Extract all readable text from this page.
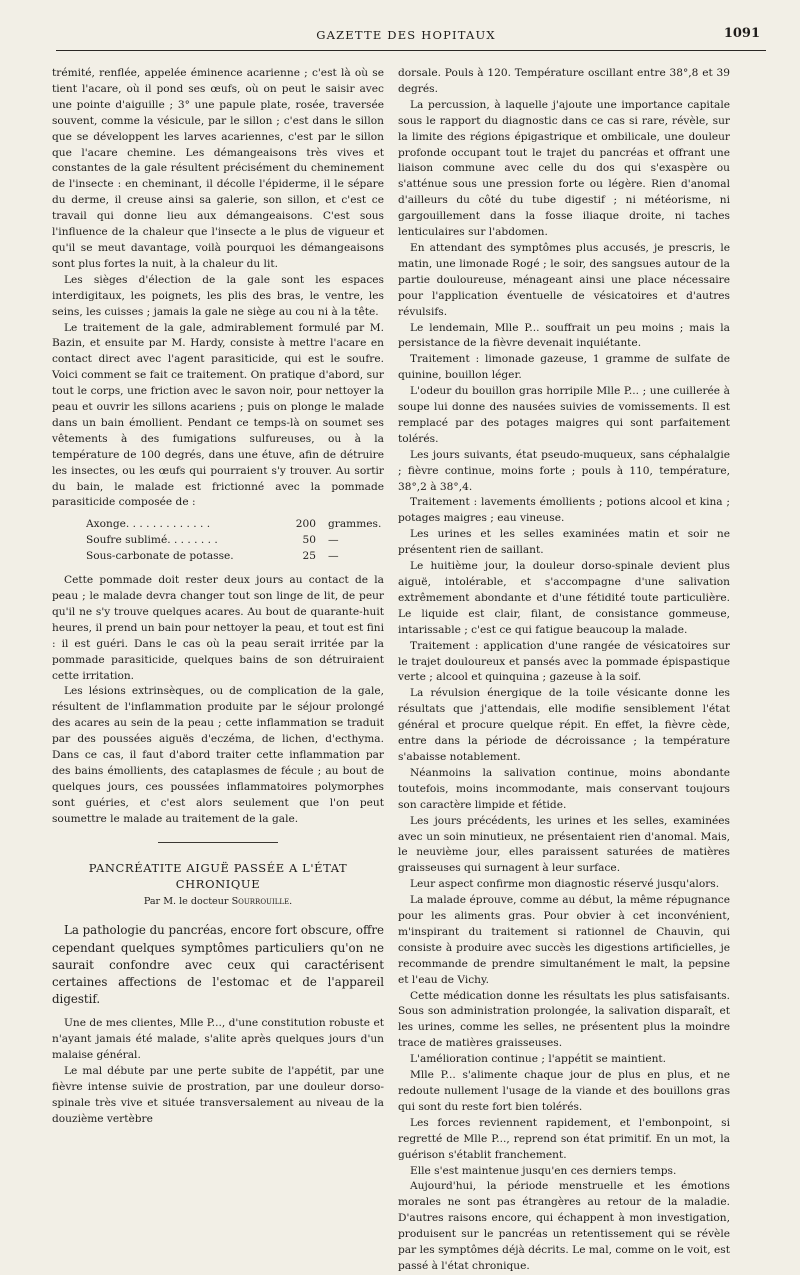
GAZETTE DES HOPITAUX	1091

trémité, renflée, appelée éminence acarienne ; c'est là où se tient l'acare, où il pond ses œufs, où on peut le saisir avec une pointe d'aiguille ; 3° une papule plate, rosée, traversée souvent, comme la vésicule, par le sillon ; c'est dans le sillon que se développent les larves acariennes, c'est par le sillon que l'acare chemine. Les démangeaisons très vives et constantes de la gale résultent précisément du cheminement de l'insecte : en cheminant, il décolle l'épiderme, il le sépare du derme, il creuse ainsi sa galerie, son sillon, et c'est ce travail qui donne lieu aux démangeaisons. C'est sous l'influence de la chaleur que l'insecte a le plus de vigueur et qu'il se meut davantage, voilà pourquoi les démangeaisons sont plus fortes la nuit, à la chaleur du lit.

Les sièges d'élection de la gale sont les espaces interdigitaux, les poignets, les plis des bras, le ventre, les seins, les cuisses ; jamais la gale ne siège au cou ni à la tête.

Le traitement de la gale, admirablement formulé par M. Bazin, et ensuite par M. Hardy, consiste à mettre l'acare en contact direct avec l'agent parasiticide, qui est le soufre. Voici comment se fait ce traitement. On pratique d'abord, sur tout le corps, une friction avec le savon noir, pour nettoyer la peau et ouvrir les sillons acariens ; puis on plonge le malade dans un bain émollient. Pendant ce temps-là on soumet ses vêtements à des fumigations sulfureuses, ou à la température de 100 degrés, dans une étuve, afin de détruire les insectes, ou les œufs qui pourraient s'y trouver. Au sortir du bain, le malade est frictionné avec la pommade parasiticide composée de :

Axonge. . . . . . . . . . . . .	200 grammes.
Soufre sublimé. . . . . . . .	50 —
Sous-carbonate de potasse.	25 —

Cette pommade doit rester deux jours au contact de la peau ; le malade devra changer tout son linge de lit, de peur qu'il ne s'y trouve quelques acares. Au bout de quarante-huit heures, il prend un bain pour nettoyer la peau, et tout est fini : il est guéri. Dans le cas où la peau serait irritée par la pommade parasiticide, quelques bains de son détruiraient cette irritation.

Les lésions extrinsèques, ou de complication de la gale, résultent de l'inflammation produite par le séjour prolongé des acares au sein de la peau ; cette inflammation se traduit par des poussées aiguës d'eczéma, de lichen, d'ecthyma. Dans ce cas, il faut d'abord traiter cette inflammation par des bains émollients, des cataplasmes de fécule ; au bout de quelques jours, ces poussées inflammatoires polymorphes sont guéries, et c'est alors seulement que l'on peut soumettre le malade au traitement de la gale.

PANCRÉATITE AIGUË PASSÉE A L'ÉTAT CHRONIQUE
Par M. le docteur Sourrouille.

La pathologie du pancréas, encore fort obscure, offre cependant quelques symptômes particuliers qu'on ne saurait confondre avec ceux qui caractérisent certaines affections de l'estomac et de l'appareil digestif.

Une de mes clientes, Mlle P..., d'une constitution robuste et n'ayant jamais été malade, s'alite après quelques jours d'un malaise général.

Le mal débute par une perte subite de l'appétit, par une fièvre intense suivie de prostration, par une douleur dorso-spinale très vive et située transversalement au niveau de la douzième vertèbre

dorsale. Pouls à 120. Température oscillant entre 38°,8 et 39 degrés.

La percussion, à laquelle j'ajoute une importance capitale sous le rapport du diagnostic dans ce cas si rare, révèle, sur la limite des régions épigastrique et ombilicale, une douleur profonde occupant tout le trajet du pancréas et offrant une liaison commune avec celle du dos qui s'exaspère ou s'atténue sous une pression forte ou légère. Rien d'anomal d'ailleurs du côté du tube digestif ; ni météorisme, ni gargouillement dans la fosse iliaque droite, ni taches lenticulaires sur l'abdomen.

En attendant des symptômes plus accusés, je prescris, le matin, une limonade Rogé ; le soir, des sangsues autour de la partie douloureuse, ménageant ainsi une place nécessaire pour l'application éventuelle de vésicatoires et d'autres révulsifs.

Le lendemain, Mlle P... souffrait un peu moins ; mais la persistance de la fièvre devenait inquiétante.

Traitement : limonade gazeuse, 1 gramme de sulfate de quinine, bouillon léger.

L'odeur du bouillon gras horripile Mlle P... ; une cuillerée à soupe lui donne des nausées suivies de vomissements. Il est remplacé par des potages maigres qui sont parfaitement tolérés.

Les jours suivants, état pseudo-muqueux, sans céphalalgie ; fièvre continue, moins forte ; pouls à 110, température, 38°,2 à 38°,4.

Traitement : lavements émollients ; potions alcool et kina ; potages maigres ; eau vineuse.

Les urines et les selles examinées matin et soir ne présentent rien de saillant.

Le huitième jour, la douleur dorso-spinale devient plus aiguë, intolérable, et s'accompagne d'une salivation extrêmement abondante et d'une fétidité toute particulière. Le liquide est clair, filant, de consistance gommeuse, intarissable ; c'est ce qui fatigue beaucoup la malade.

Traitement : application d'une rangée de vésicatoires sur le trajet douloureux et pansés avec la pommade épispastique verte ; alcool et quinquina ; gazeuse à la soif.

La révulsion énergique de la toile vésicante donne les résultats que j'attendais, elle modifie sensiblement l'état général et procure quelque répit. En effet, la fièvre cède, entre dans la période de décroissance ; la température s'abaisse notablement.

Néanmoins la salivation continue, moins abondante toutefois, moins incommodante, mais conservant toujours son caractère limpide et fétide.

Les jours précédents, les urines et les selles, examinées avec un soin minutieux, ne présentaient rien d'anomal. Mais, le neuvième jour, elles paraissent saturées de matières graisseuses qui surnagent à leur surface.

Leur aspect confirme mon diagnostic réservé jusqu'alors.

La malade éprouve, comme au début, la même répugnance pour les aliments gras. Pour obvier à cet inconvénient, m'inspirant du traitement si rationnel de Chauvin, qui consiste à produire avec succès les digestions artificielles, je recommande de prendre simultanément le malt, la pepsine et l'eau de Vichy.

Cette médication donne les résultats les plus satisfaisants. Sous son administration prolongée, la salivation disparaît, et les urines, comme les selles, ne présentent plus la moindre trace de matières graisseuses.

L'amélioration continue ; l'appétit se maintient.

Mlle P... s'alimente chaque jour de plus en plus, et ne redoute nullement l'usage de la viande et des bouillons gras qui sont du reste fort bien tolérés.

Les forces reviennent rapidement, et l'embonpoint, si regretté de Mlle P..., reprend son état primitif. En un mot, la guérison s'établit franchement.

Elle s'est maintenue jusqu'en ces derniers temps.

Aujourd'hui, la période menstruelle et les émotions morales ne sont pas étrangères au retour de la maladie. D'autres raisons encore, qui échappent à mon investigation, produisent sur le pancréas un retentissement qui se révèle par les symptômes déjà décrits. Le mal, comme on le voit, est passé à l'état chronique.
